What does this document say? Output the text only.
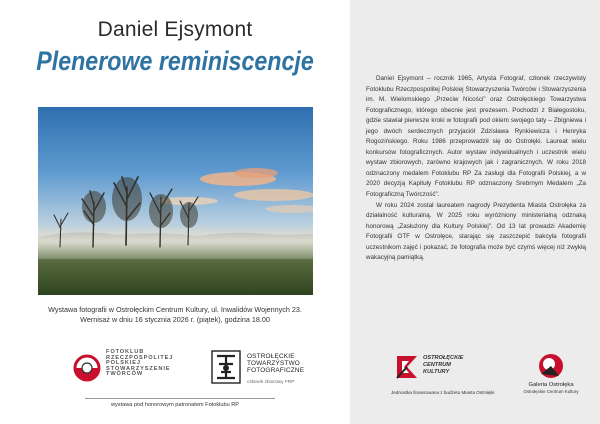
Daniel Ejsymont
Plenerowe reminiscencje
Wystawa fotografii w Ostrołęckim Centrum Kultury, ul. Inwalidów Wojennych 23.
Wernisaż w dniu 16 stycznia 2026 r. (piątek), godzina 18.00
FOTOKLUB
RZECZPOSPOLITEJ
POLSKIEJ
STOWARZYSZENIE
TWÓRCÓW
OSTROŁĘCKIE
TOWARZYSTWO
FOTOGRAFICZNE
członek zbiorowy FRP
wystawa pod honorowym patronatem Fotoklubu RP

Daniel Ejsymont – rocznik 1965, Artysta Fotograf, członek rzeczywisty Fotoklubu Rzeczpospolitej Polskiej Stowarzyszenia Twórców i Stowarzyszenia im. M. Wielomskiego „Przeciw Nicości" oraz Ostrołęckiego Towarzystwa Fotograficznego, którego obecnie jest prezesem. Pochodzi z Białegostoku, gdzie stawiał pierwsze kroki w fotografii pod okiem swojego taty – Zbigniewa i jego dwóch serdecznych przyjaciół Zdzisława Rynkiewicza i Henryka Rogozińskiego. Roku 1986 przeprowadził się do Ostrołęki. Laureat wielu konkursów fotograficznych. Autor wystaw indywidualnych i uczestnik wielu wystaw zbiorowych, zarówno krajowych jak i zagranicznych. W roku 2018 odznaczony medalem Fotoklubu RP Za zasługi dla Fotografii Polskiej, a w 2020 decyzją Kapituły Fotoklubu RP odznaczony Srebrnym Medalem „Za Fotograficzną Twórczość".

W roku 2024 został laureatem nagrody Prezydenta Miasta Ostrołęka za działalność kulturalną. W 2025 roku wyróżniony ministerialną odznaką honorową „Zasłużony dla Kultury Polskiej". Od 13 lat prowadzi Akademię Fotografii OTF w Ostrołęce, starając się zaszczepić bakcyla fotografii uczestnikom zajęć i pokazać, że fotografia może być czymś więcej niż zwykłą wakacyjną pamiątką.

OSTROŁĘCKIE
CENTRUM
KULTURY
Jednostka finansowana z budżetu Miasta Ostrołęki
Galeria Ostrołęka
Ostrołęckie Centrum Kultury
